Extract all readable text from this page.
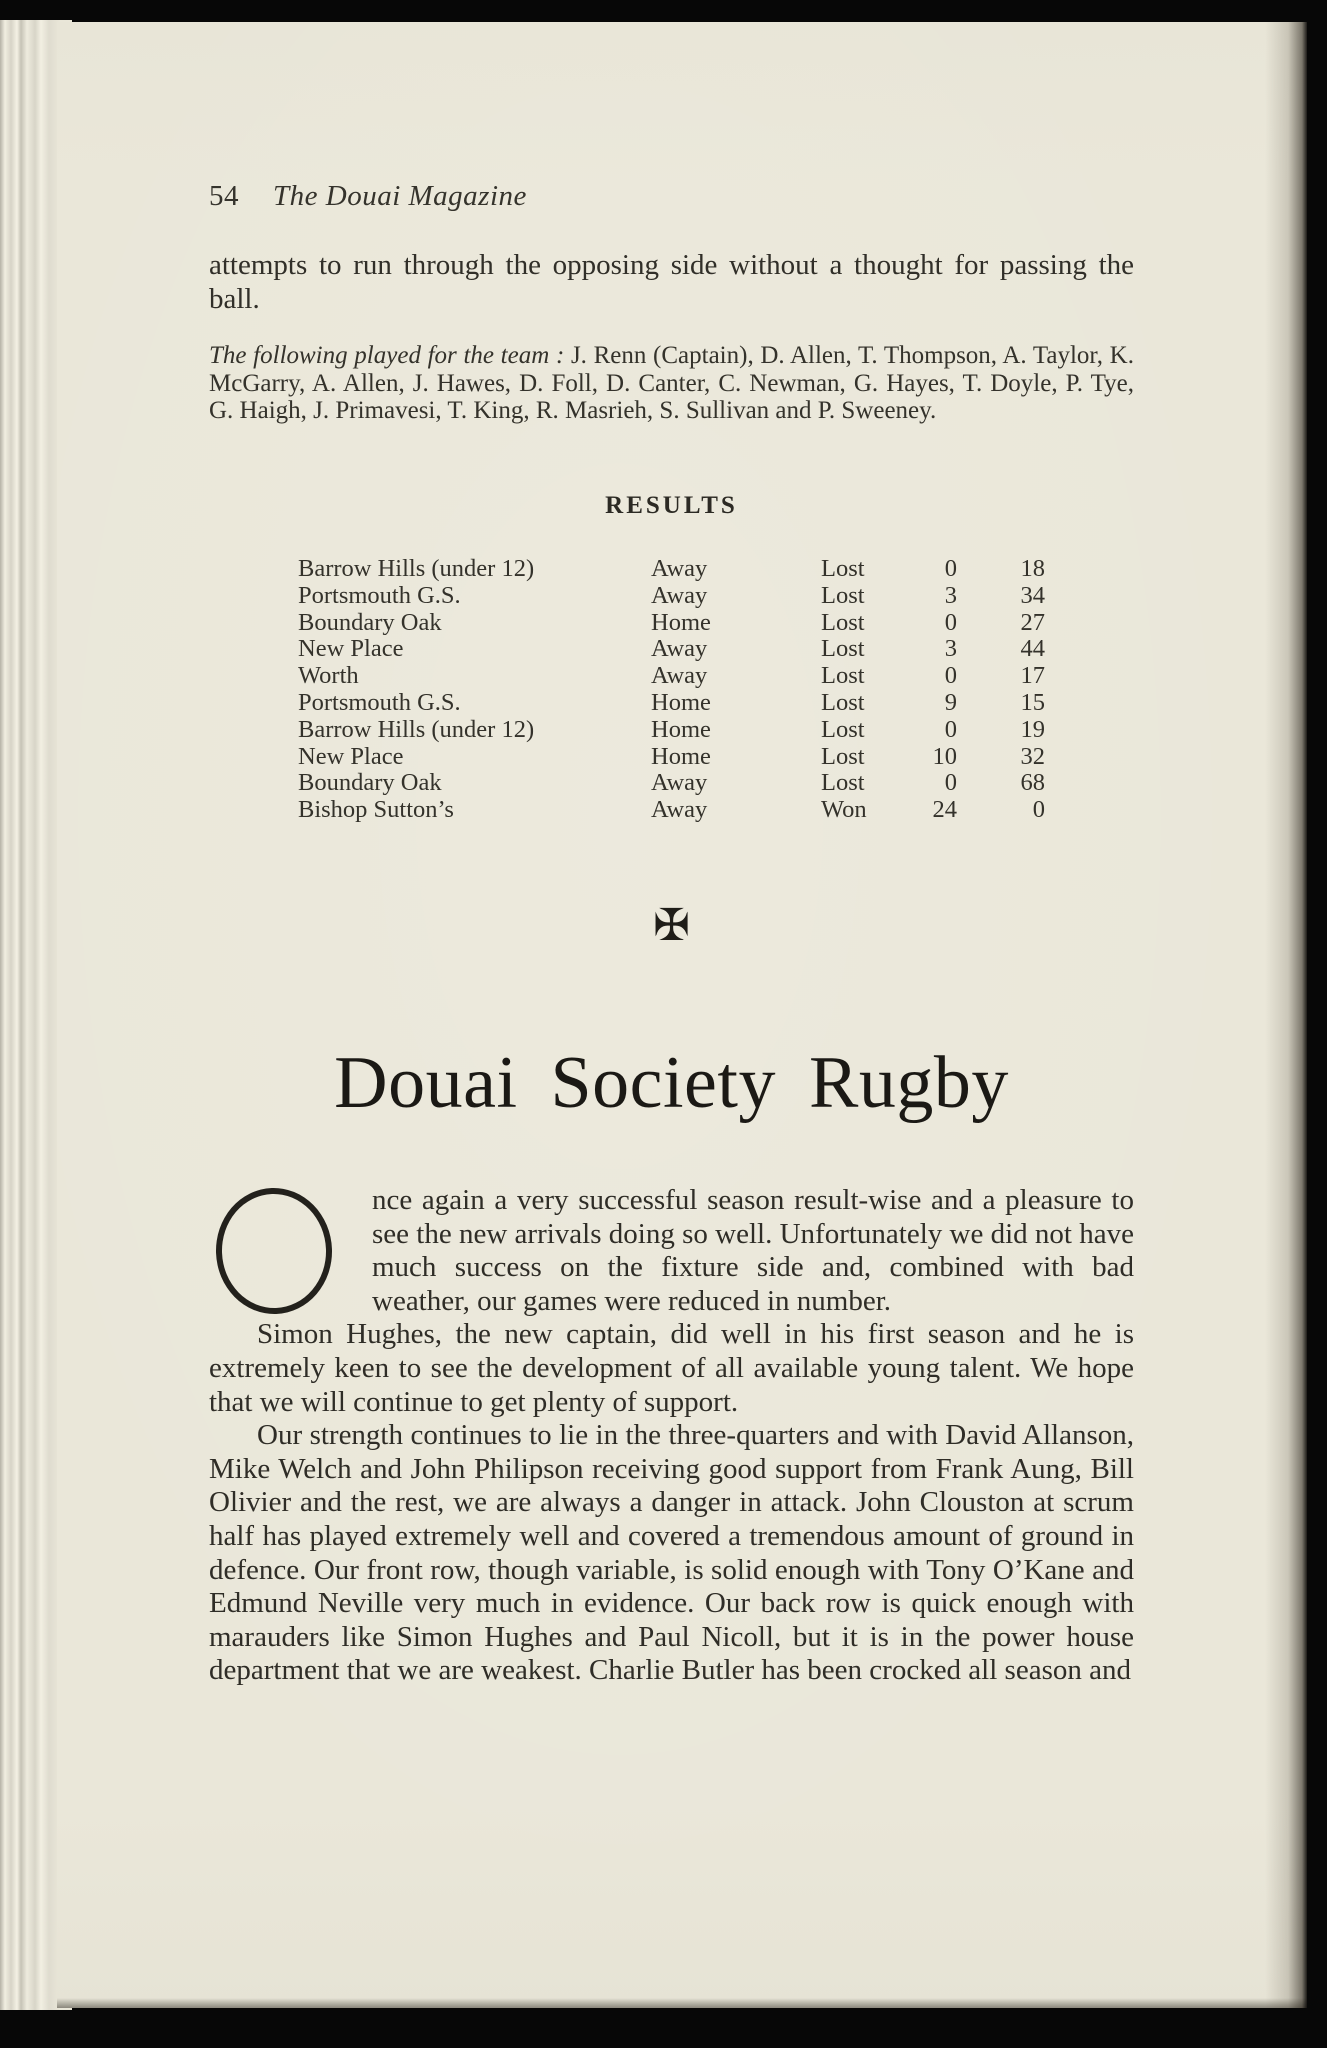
54 The Douai Magazine

attempts to run through the opposing side without a thought for passing the ball.

The following played for the team : J. Renn (Captain), D. Allen, T. Thompson, A. Taylor, K. McGarry, A. Allen, J. Hawes, D. Foll, D. Canter, C. Newman, G. Hayes, T. Doyle, P. Tye, G. Haigh, J. Primavesi, T. King, R. Masrieh, S. Sullivan and P. Sweeney.

RESULTS
Barrow Hills (under 12)	Away	Lost	0	18
Portsmouth G.S.	Away	Lost	3	34
Boundary Oak	Home	Lost	0	27
New Place	Away	Lost	3	44
Worth	Away	Lost	0	17
Portsmouth G.S.	Home	Lost	9	15
Barrow Hills (under 12)	Home	Lost	0	19
New Place	Home	Lost	10	32
Boundary Oak	Away	Lost	0	68
Bishop Sutton’s	Away	Won	24	0
✠
Douai Society Rugby

nce again a very successful season result-wise and a pleasure to see the new arrivals doing so well. Unfortunately we did not have much success on the fixture side and, combined with bad weather, our games were reduced in number.

Simon Hughes, the new captain, did well in his first season and he is extremely keen to see the development of all available young talent. We hope that we will continue to get plenty of support.

Our strength continues to lie in the three-quarters and with David Allanson, Mike Welch and John Philipson receiving good support from Frank Aung, Bill Olivier and the rest, we are always a danger in attack. John Clouston at scrum half has played extremely well and covered a tremendous amount of ground in defence. Our front row, though variable, is solid enough with Tony O’Kane and Edmund Neville very much in evidence. Our back row is quick enough with marauders like Simon Hughes and Paul Nicoll, but it is in the power house department that we are weakest. Charlie Butler has been crocked all season and
